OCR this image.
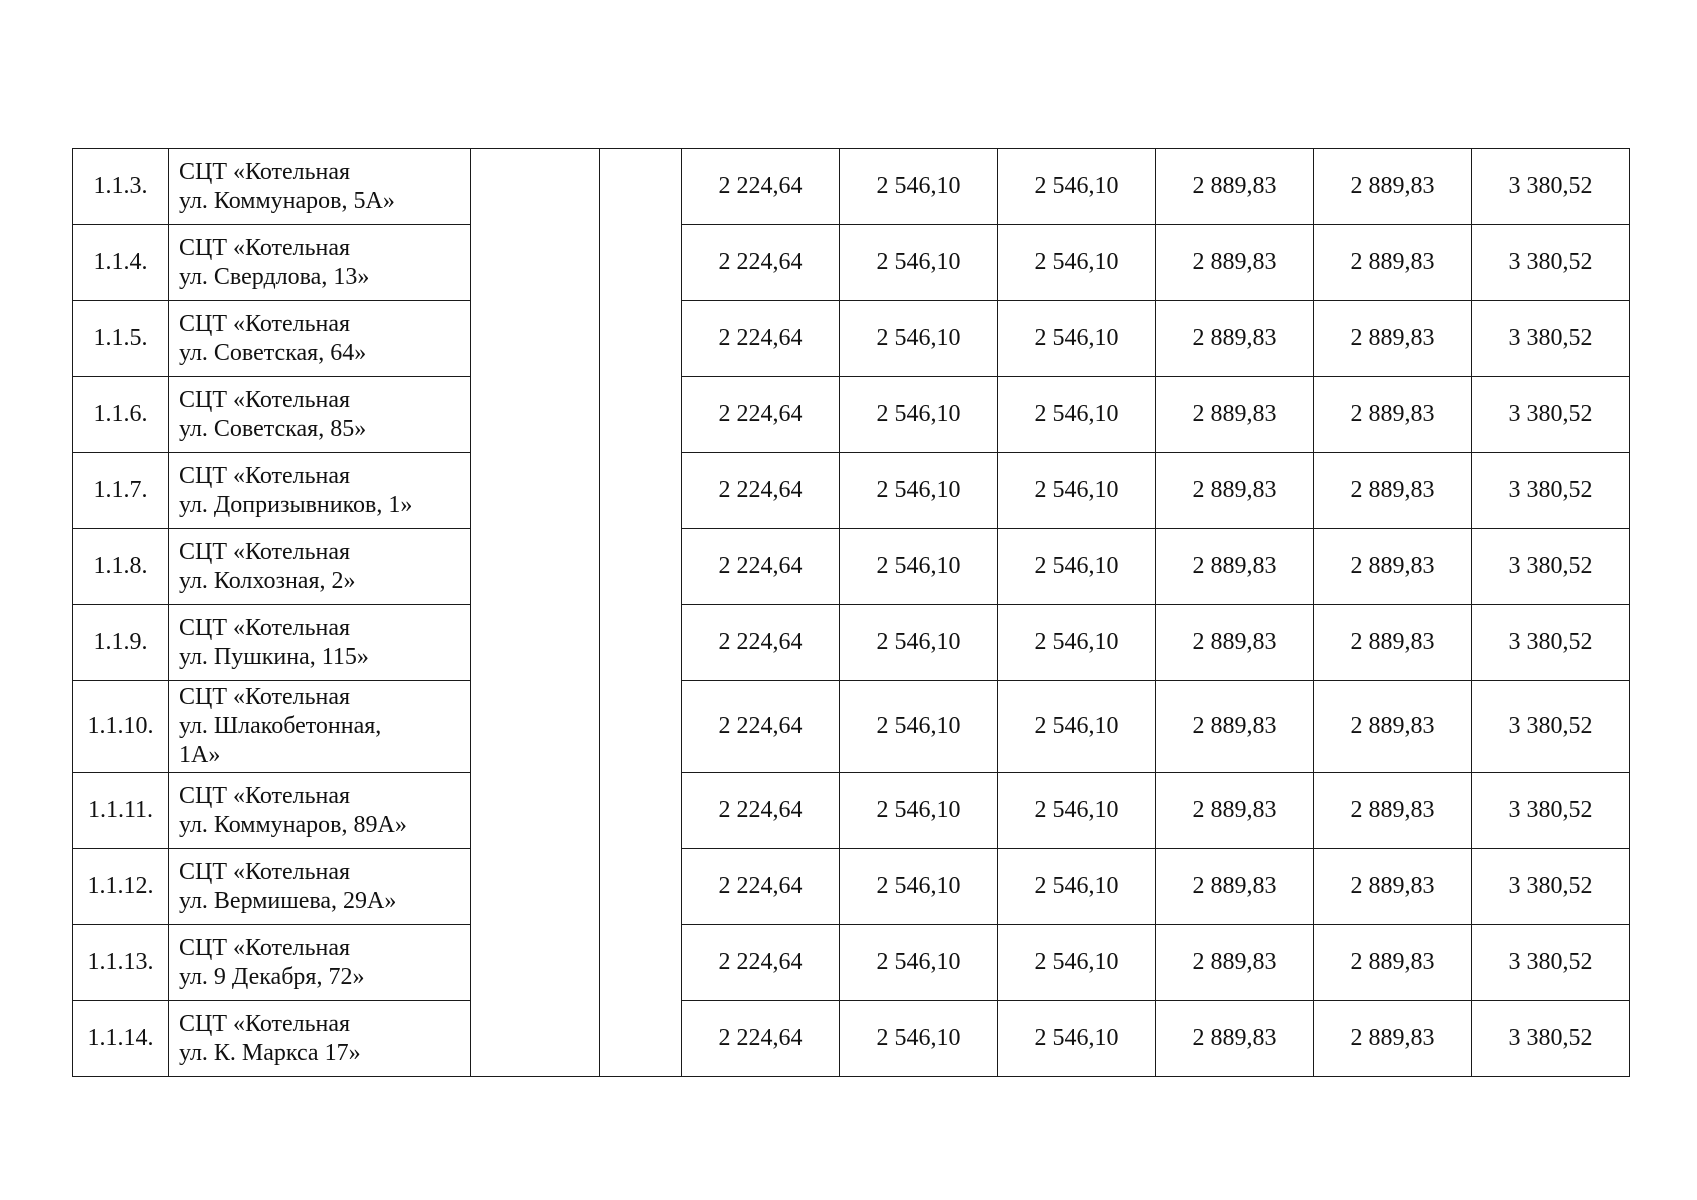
1.1.3.	СЦТ «Котельная
ул. Коммунаров, 5А»			2 224,64	2 546,10	2 546,10	2 889,83	2 889,83	3 380,52
1.1.4.	СЦТ «Котельная
ул. Свердлова, 13»			2 224,64	2 546,10	2 546,10	2 889,83	2 889,83	3 380,52
1.1.5.	СЦТ «Котельная
ул. Советская, 64»			2 224,64	2 546,10	2 546,10	2 889,83	2 889,83	3 380,52
1.1.6.	СЦТ «Котельная
ул. Советская, 85»			2 224,64	2 546,10	2 546,10	2 889,83	2 889,83	3 380,52
1.1.7.	СЦТ «Котельная
ул. Допризывников, 1»			2 224,64	2 546,10	2 546,10	2 889,83	2 889,83	3 380,52
1.1.8.	СЦТ «Котельная
ул. Колхозная, 2»			2 224,64	2 546,10	2 546,10	2 889,83	2 889,83	3 380,52
1.1.9.	СЦТ «Котельная
ул. Пушкина, 115»			2 224,64	2 546,10	2 546,10	2 889,83	2 889,83	3 380,52
1.1.10.	СЦТ «Котельная
ул. Шлакобетонная,
1А»			2 224,64	2 546,10	2 546,10	2 889,83	2 889,83	3 380,52
1.1.11.	СЦТ «Котельная
ул. Коммунаров, 89А»			2 224,64	2 546,10	2 546,10	2 889,83	2 889,83	3 380,52
1.1.12.	СЦТ «Котельная
ул. Вермишева, 29А»			2 224,64	2 546,10	2 546,10	2 889,83	2 889,83	3 380,52
1.1.13.	СЦТ «Котельная
ул. 9 Декабря, 72»			2 224,64	2 546,10	2 546,10	2 889,83	2 889,83	3 380,52
1.1.14.	СЦТ «Котельная
ул. К. Маркса 17»			2 224,64	2 546,10	2 546,10	2 889,83	2 889,83	3 380,52
